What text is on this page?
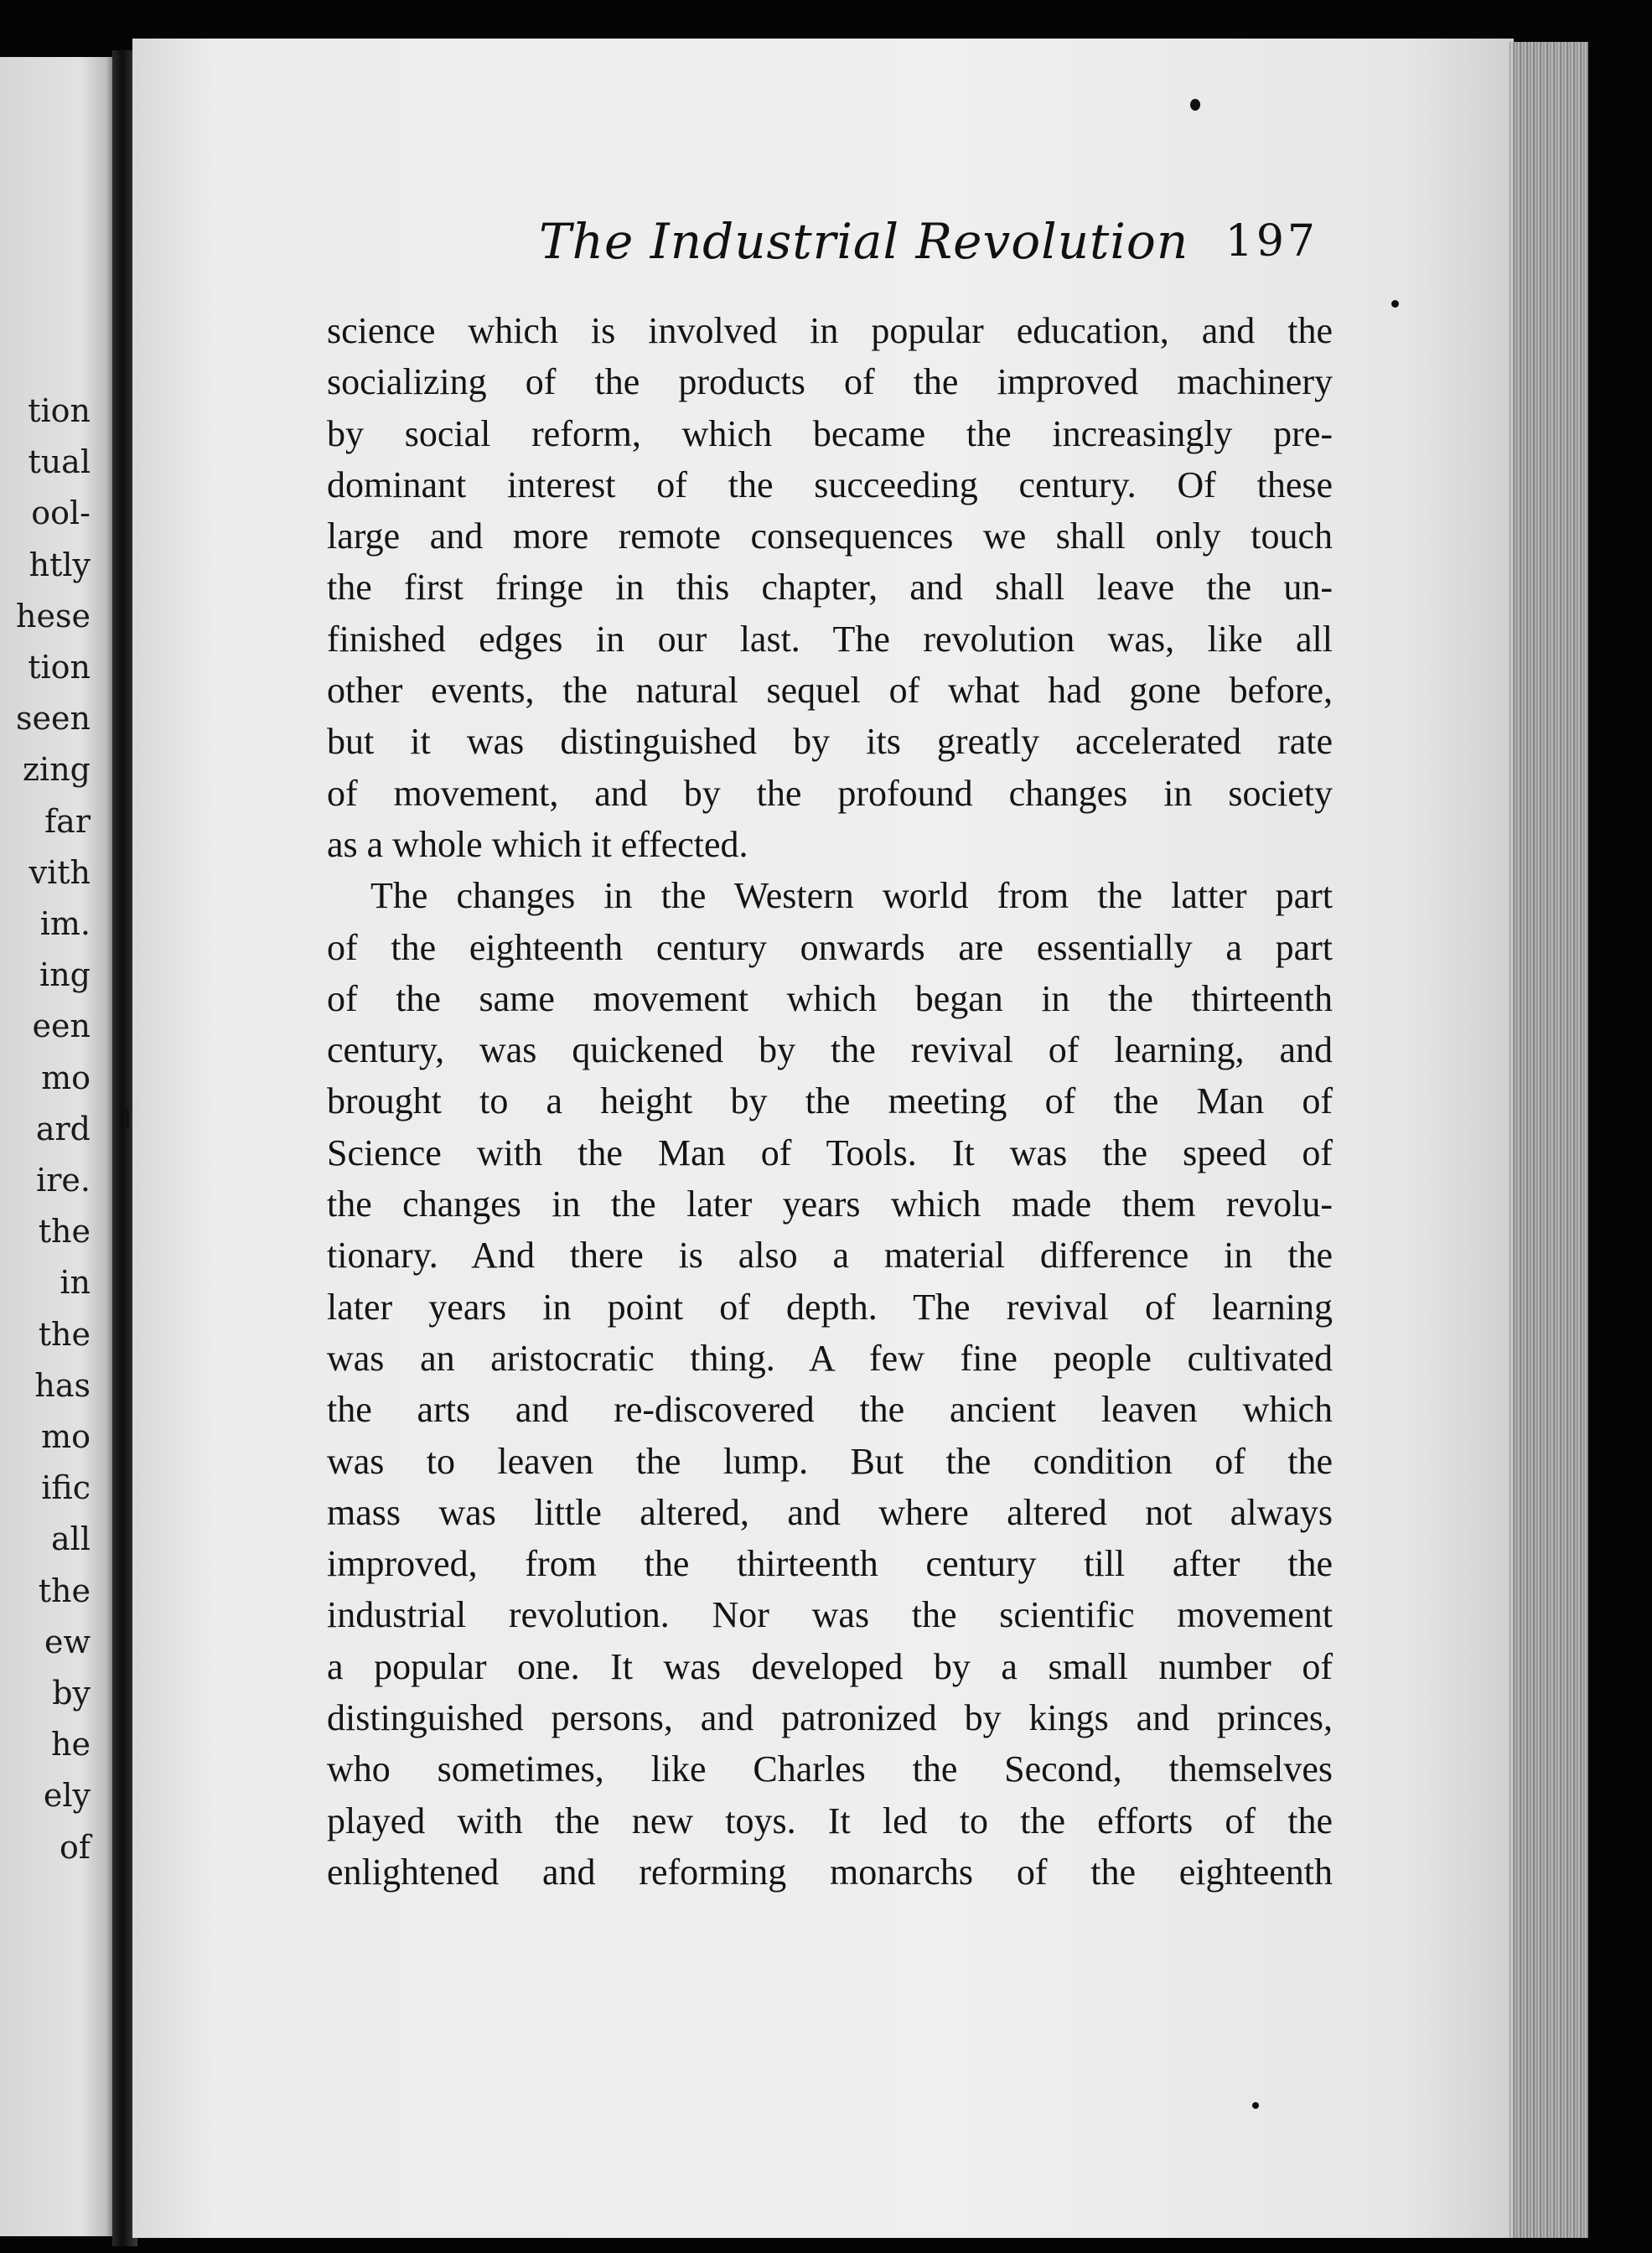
tion
tual
ool-
htly
hese
tion
seen
zing
far
vith
im.
ing
een
mo
ard
ire.
the
in
the
has
mo
ific
all
the
ew
by
he
ely
of
The Industrial Revolution 197
science which is involved in popular education, and the
socializing of the products of the improved machinery
by social reform, which became the increasingly pre-
dominant interest of the succeeding century. Of these
large and more remote consequences we shall only touch
the first fringe in this chapter, and shall leave the un-
finished edges in our last. The revolution was, like all
other events, the natural sequel of what had gone before,
but it was distinguished by its greatly accelerated rate
of movement, and by the profound changes in society
as a whole which it effected.
The changes in the Western world from the latter part
of the eighteenth century onwards are essentially a part
of the same movement which began in the thirteenth
century, was quickened by the revival of learning, and
brought to a height by the meeting of the Man of
Science with the Man of Tools. It was the speed of
the changes in the later years which made them revolu-
tionary. And there is also a material difference in the
later years in point of depth. The revival of learning
was an aristocratic thing. A few fine people cultivated
the arts and re-discovered the ancient leaven which
was to leaven the lump. But the condition of the
mass was little altered, and where altered not always
improved, from the thirteenth century till after the
industrial revolution. Nor was the scientific movement
a popular one. It was developed by a small number of
distinguished persons, and patronized by kings and princes,
who sometimes, like Charles the Second, themselves
played with the new toys. It led to the efforts of the
enlightened and reforming monarchs of the eighteenth
